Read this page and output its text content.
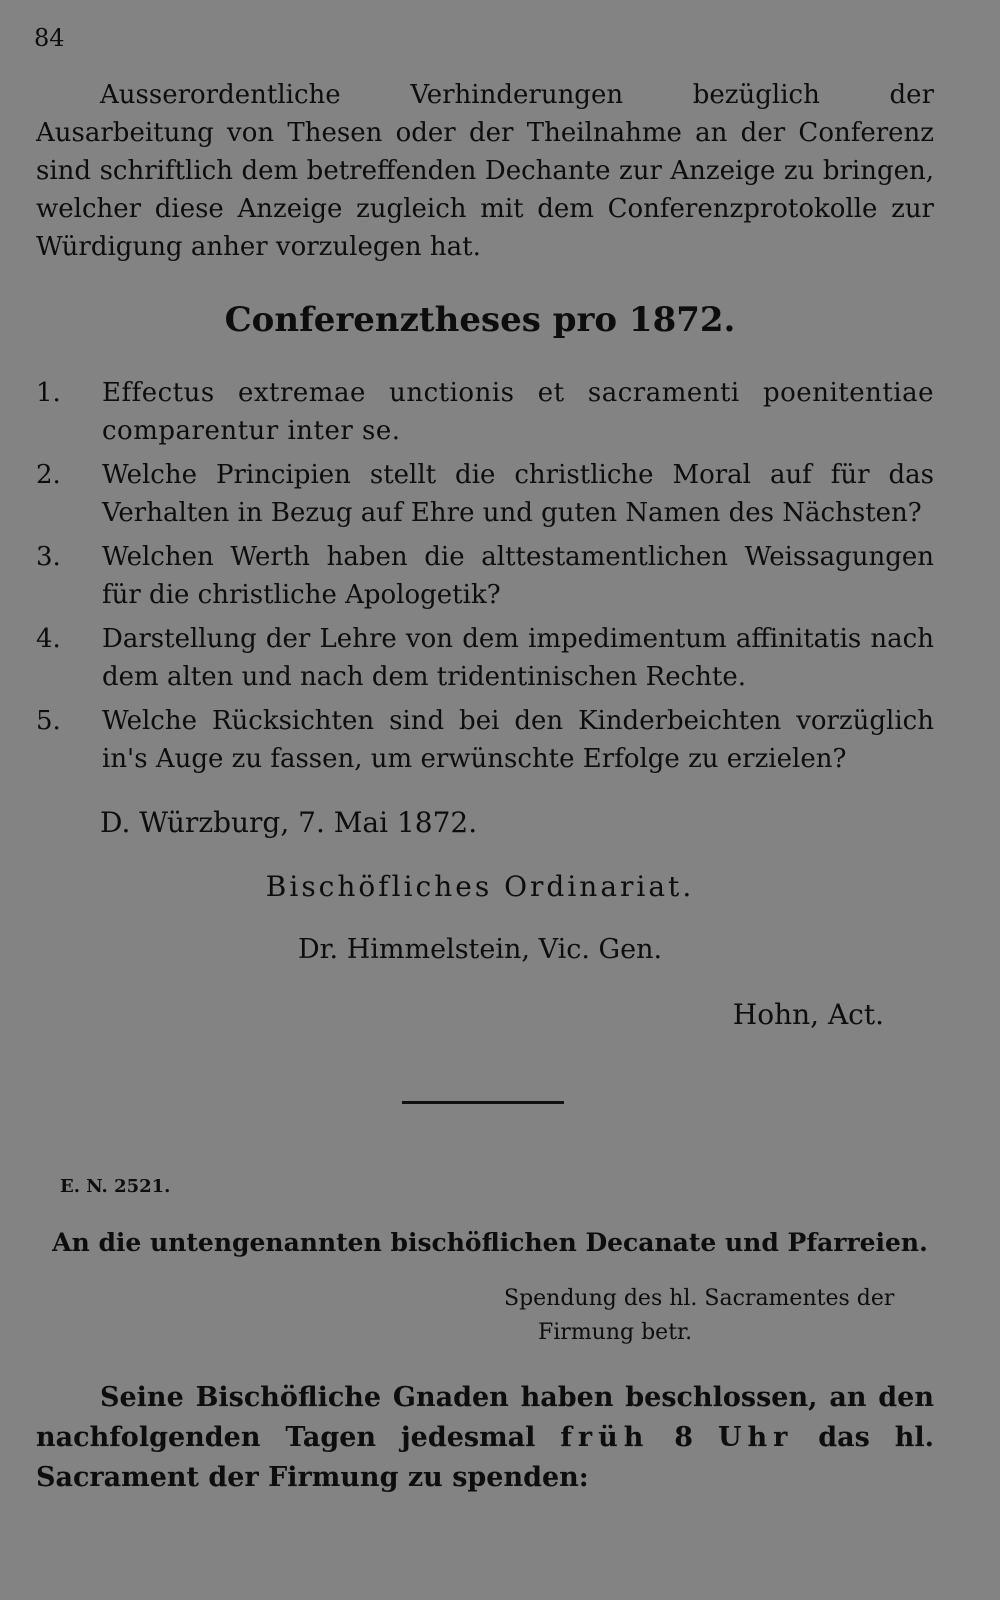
84

Ausserordentliche Verhinderungen bezüglich der Ausarbeitung von Thesen oder der Theilnahme an der Conferenz sind schriftlich dem betreffenden Dechante zur Anzeige zu bringen, welcher diese Anzeige zugleich mit dem Conferenzprotokolle zur Würdigung anher vorzulegen hat.

Conferenztheses pro 1872.
1.	Effectus extremae unctionis et sacramenti poenitentiae comparentur inter se.
2.	Welche Principien stellt die christliche Moral auf für das Verhalten in Bezug auf Ehre und guten Namen des Nächsten?
3.	Welchen Werth haben die alttestamentlichen Weissagungen für die christliche Apologetik?
4.	Darstellung der Lehre von dem impedimentum affinitatis nach dem alten und nach dem tridentinischen Rechte.
5.	Welche Rücksichten sind bei den Kinderbeichten vorzüglich in's Auge zu fassen, um erwünschte Erfolge zu erzielen?
D. Würzburg, 7. Mai 1872.
Bischöfliches Ordinariat.
Dr. Himmelstein, Vic. Gen.
Hohn, Act.
E. N. 2521.
An die untengenannten bischöflichen Decanate und Pfarreien.
Spendung des hl. Sacramentes der
Firmung betr.

Seine Bischöfliche Gnaden haben beschlossen, an den nachfolgenden Tagen jedesmal früh 8 Uhr das hl. Sacrament der Firmung zu spenden:
